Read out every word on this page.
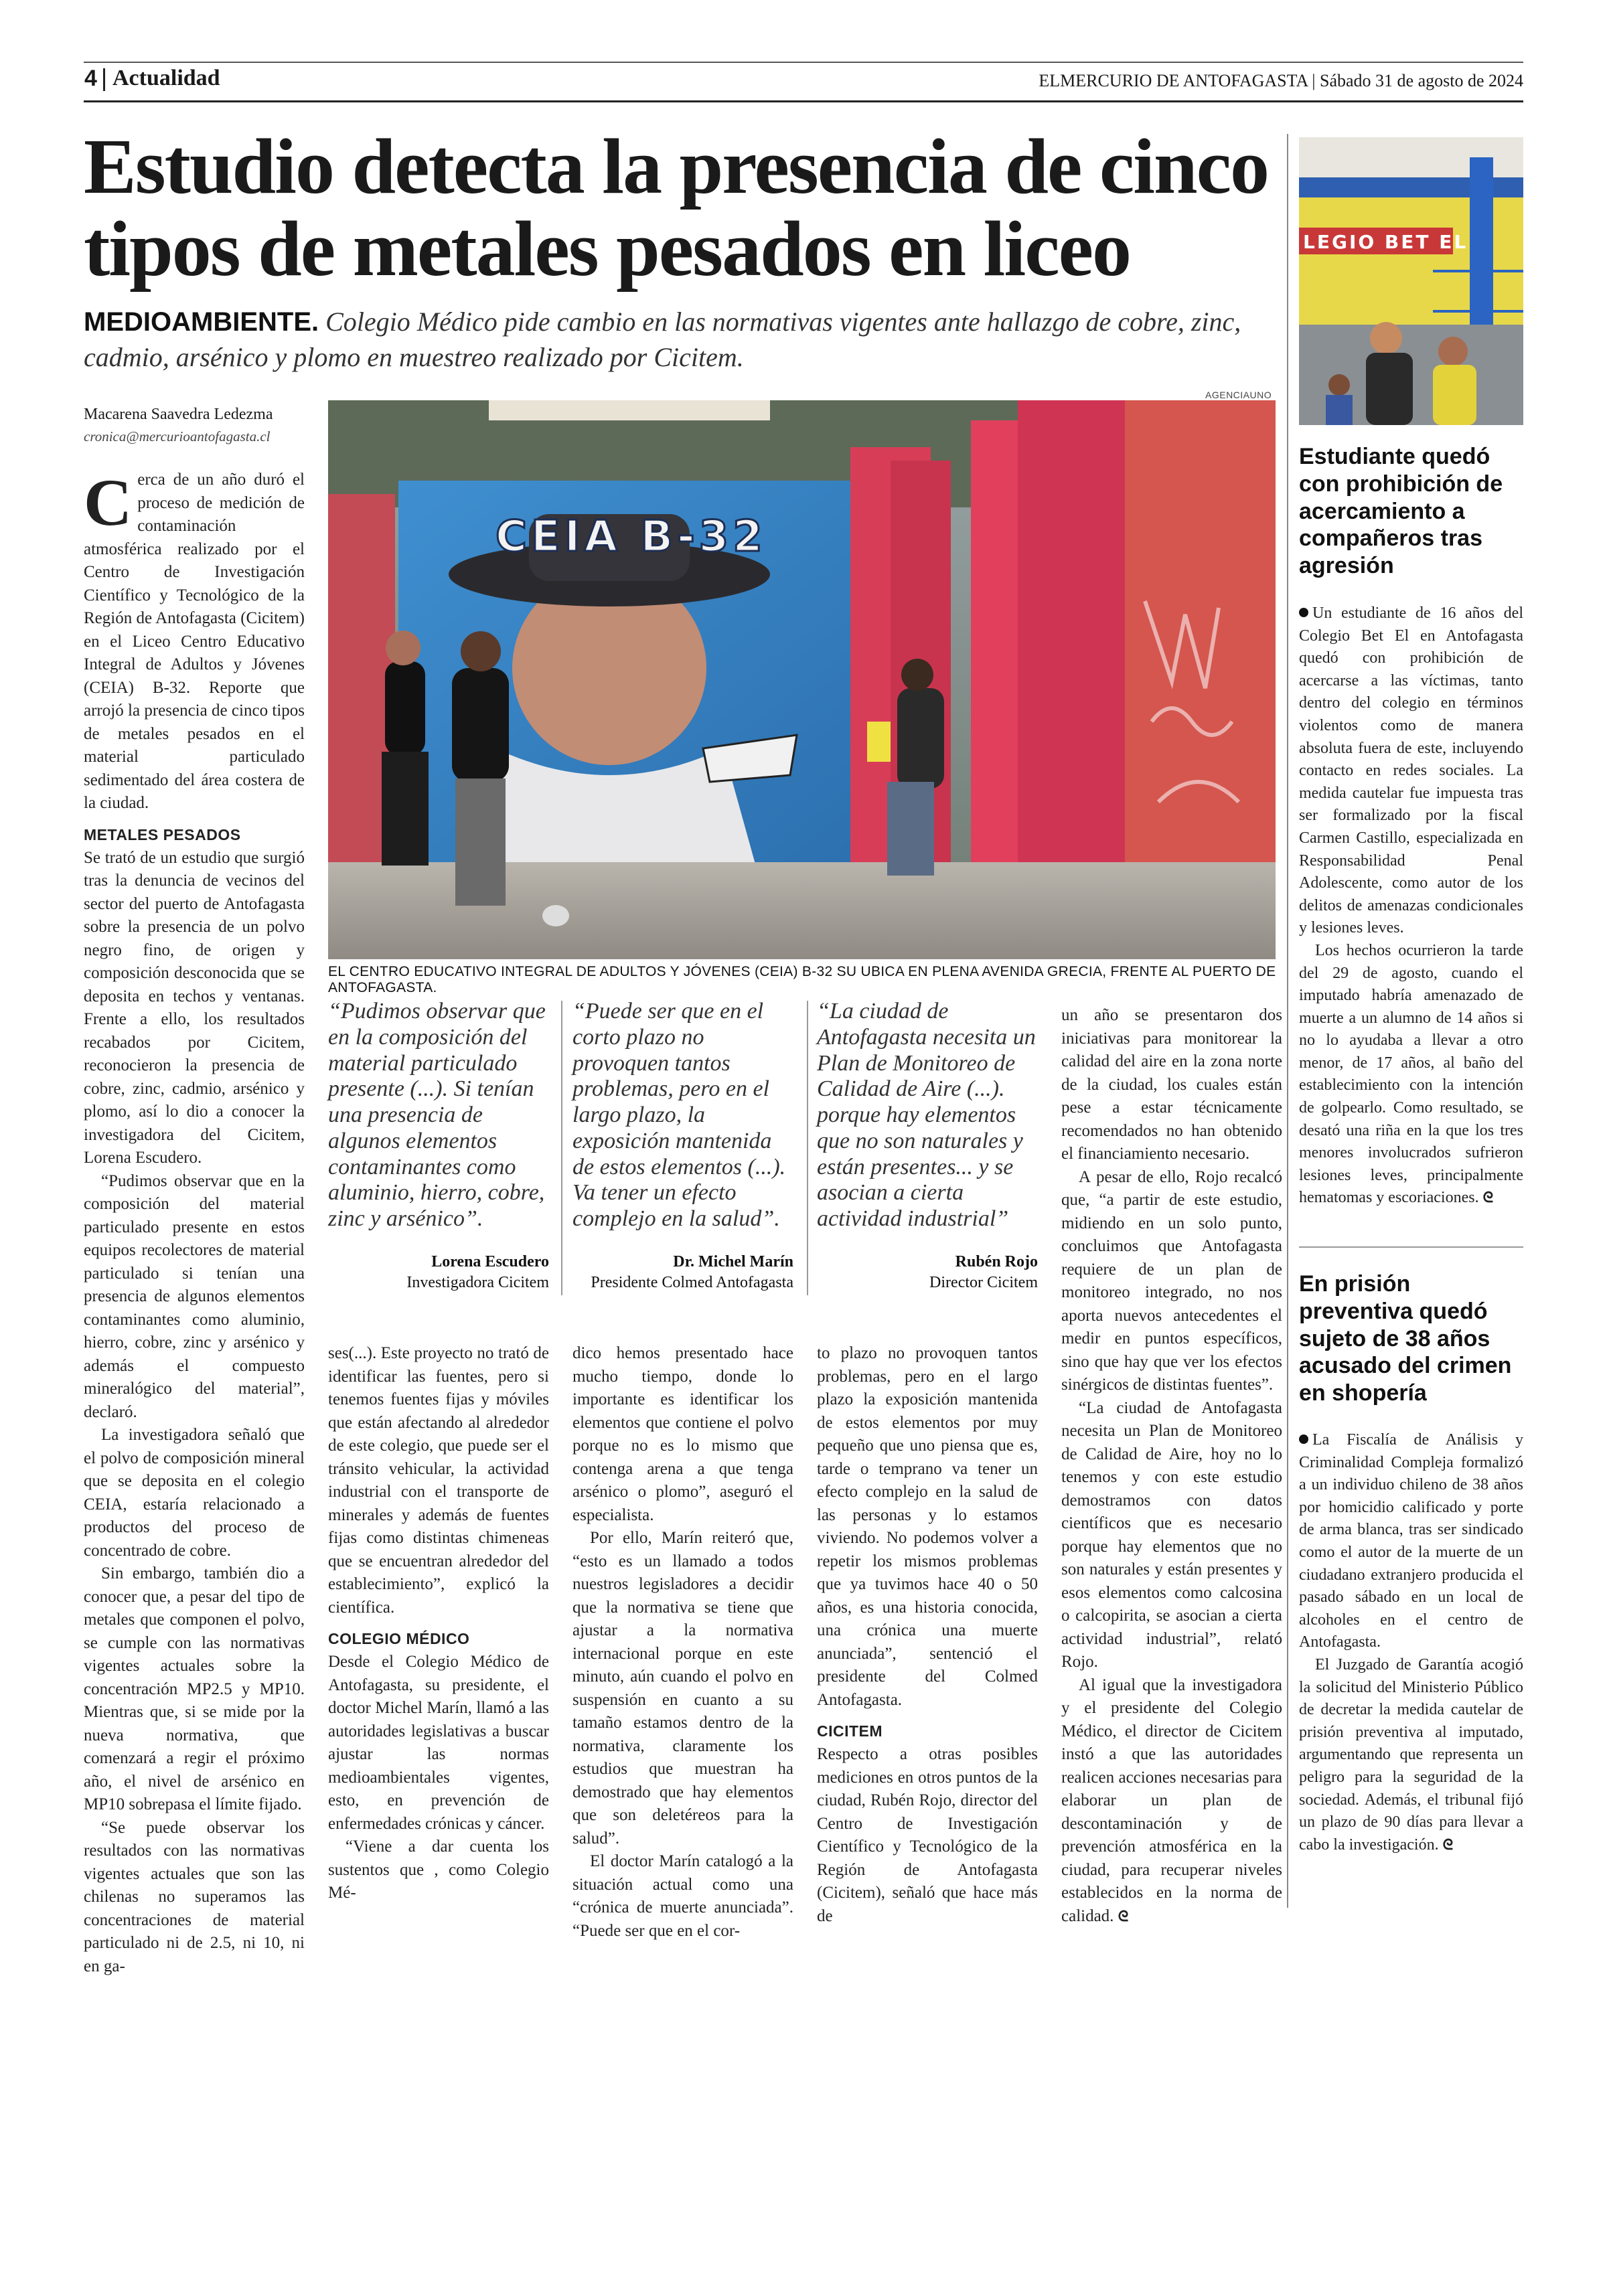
4 Actualidad	ELMERCURIO DE ANTOFAGASTA | Sábado 31 de agosto de 2024
Estudio detecta la presencia de cinco
tipos de metales pesados en liceo
MEDIOAMBIENTE. Colegio Médico pide cambio en las normativas vigentes ante hallazgo de cobre, zinc, cadmio, arsénico y plomo en muestreo realizado por Cicitem.
Macarena Saavedra Ledezma
cronica@mercurioantofagasta.cl
AGENCIAUNO
CEIA B-32
EL CENTRO EDUCATIVO INTEGRAL DE ADULTOS Y JÓVENES (CEIA) B-32 SU UBICA EN PLENA AVENIDA GRECIA, FRENTE AL PUERTO DE ANTOFAGASTA.

Cerca de un año duró el proceso de medición de contaminación atmosférica realizado por el Centro de Investigación Científico y Tecnológico de la Región de Antofagasta (Cicitem) en el Liceo Centro Educativo Integral de Adultos y Jóvenes (CEIA) B-32. Reporte que arrojó la presencia de cinco tipos de metales pesados en el material particulado sedimentado del área costera de la ciudad.

METALES PESADOS

Se trató de un estudio que surgió tras la denuncia de vecinos del sector del puerto de Antofagasta sobre la presencia de un polvo negro fino, de origen y composición desconocida que se deposita en techos y ventanas. Frente a ello, los resultados recabados por Cicitem, reconocieron la presencia de cobre, zinc, cadmio, arsénico y plomo, así lo dio a conocer la investigadora del Cicitem, Lorena Escudero.

“Pudimos observar que en la composición del material particulado presente en estos equipos recolectores de material particulado si tenían una presencia de algunos elementos contaminantes como aluminio, hierro, cobre, zinc y arsénico y además el compuesto mineralógico del material”, declaró.

La investigadora señaló que el polvo de composición mineral que se deposita en el colegio CEIA, estaría relacionado a productos del proceso de concentrado de cobre.

Sin embargo, también dio a conocer que, a pesar del tipo de metales que componen el polvo, se cumple con las normativas vigentes actuales sobre la concentración MP2.5 y MP10. Mientras que, si se mide por la nueva normativa, que comenzará a regir el próximo año, el nivel de arsénico en MP10 sobrepasa el límite fijado.

“Se puede observar los resultados con las normativas vigentes actuales que son las chilenas no superamos las concentraciones de material particulado ni de 2.5, ni 10, ni en ga-

“Pudimos observar que en la composición del material particulado presente (...). Si tenían una presencia de algunos elementos contaminantes como aluminio, hierro, cobre, zinc y arsénico”.
Lorena Escudero
Investigadora Cicitem
“Puede ser que en el corto plazo no provoquen tantos problemas, pero en el largo plazo, la exposición mantenida de estos elementos (...). Va tener un efecto complejo en la salud”.
Dr. Michel Marín
Presidente Colmed Antofagasta
“La ciudad de Antofagasta necesita un Plan de Monitoreo de Calidad de Aire (...). porque hay elementos que no son naturales y están presentes... y se asocian a cierta actividad industrial”
Rubén Rojo
Director Cicitem

ses(...). Este proyecto no trató de identificar las fuentes, pero si tenemos fuentes fijas y móviles que están afectando al alrededor de este colegio, que puede ser el tránsito vehicular, la actividad industrial con el transporte de minerales y además de fuentes fijas como distintas chimeneas que se encuentran alrededor del establecimiento”, explicó la científica.

COLEGIO MÉDICO

Desde el Colegio Médico de Antofagasta, su presidente, el doctor Michel Marín, llamó a las autoridades legislativas a buscar ajustar las normas medioambientales vigentes, esto, en prevención de enfermedades crónicas y cáncer.

“Viene a dar cuenta los sustentos que , como Colegio Mé-

dico hemos presentado hace mucho tiempo, donde lo importante es identificar los elementos que contiene el polvo porque no es lo mismo que contenga arena a que tenga arsénico o plomo”, aseguró el especialista.

Por ello, Marín reiteró que, “esto es un llamado a todos nuestros legisladores a decidir que la normativa se tiene que ajustar a la normativa internacional porque en este minuto, aún cuando el polvo en suspensión en cuanto a su tamaño estamos dentro de la normativa, claramente los estudios que muestran ha demostrado que hay elementos que son deletéreos para la salud”.

El doctor Marín catalogó a la situación actual como una “crónica de muerte anunciada”. “Puede ser que en el cor-

to plazo no provoquen tantos problemas, pero en el largo plazo la exposición mantenida de estos elementos por muy pequeño que uno piensa que es, tarde o temprano va tener un efecto complejo en la salud de las personas y lo estamos viviendo. No podemos volver a repetir los mismos problemas que ya tuvimos hace 40 o 50 años, es una historia conocida, una crónica una muerte anunciada”, sentenció el presidente del Colmed Antofagasta.

CICITEM

Respecto a otras posibles mediciones en otros puntos de la ciudad, Rubén Rojo, director del Centro de Investigación Científico y Tecnológico de la Región de Antofagasta (Cicitem), señaló que hace más de

un año se presentaron dos iniciativas para monitorear la calidad del aire en la zona norte de la ciudad, los cuales están pese a estar técnicamente recomendados no han obtenido el financiamiento necesario.

A pesar de ello, Rojo recalcó que, “a partir de este estudio, midiendo en un solo punto, concluimos que Antofagasta requiere de un plan de monitoreo integrado, no nos aporta nuevos antecedentes el medir en puntos específicos, sino que hay que ver los efectos sinérgicos de distintas fuentes”.

“La ciudad de Antofagasta necesita un Plan de Monitoreo de Calidad de Aire, hoy no lo tenemos y con este estudio demostramos con datos científicos que es necesario porque hay elementos que no son naturales y están presentes y esos elementos como calcosina o calcopirita, se asocian a cierta actividad industrial”, relató Rojo.

Al igual que la investigadora y el presidente del Colegio Médico, el director de Cicitem instó a que las autoridades realicen acciones necesarias para elaborar un plan de descontaminación y de prevención atmosférica en la ciudad, para recuperar niveles establecidos en la norma de calidad. ᘓ

LEGIO BET EL
Estudiante quedó con prohibición de acercamiento a compañeros tras agresión

Un estudiante de 16 años del Colegio Bet El en Antofagasta quedó con prohibición de acercarse a las víctimas, tanto dentro del colegio en términos violentos como de manera absoluta fuera de este, incluyendo contacto en redes sociales. La medida cautelar fue impuesta tras ser formalizado por la fiscal Carmen Castillo, especializada en Responsabilidad Penal Adolescente, como autor de los delitos de amenazas condicionales y lesiones leves.

Los hechos ocurrieron la tarde del 29 de agosto, cuando el imputado habría amenazado de muerte a un alumno de 14 años si no lo ayudaba a llevar a otro menor, de 17 años, al baño del establecimiento con la intención de golpearlo. Como resultado, se desató una riña en la que los tres menores involucrados sufrieron lesiones leves, principalmente hematomas y escoriaciones. ᘓ

En prisión preventiva quedó sujeto de 38 años acusado del crimen en shopería

La Fiscalía de Análisis y Criminalidad Compleja formalizó a un individuo chileno de 38 años por homicidio calificado y porte de arma blanca, tras ser sindicado como el autor de la muerte de un ciudadano extranjero producida el pasado sábado en un local de alcoholes en el centro de Antofagasta.

El Juzgado de Garantía acogió la solicitud del Ministerio Público de decretar la medida cautelar de prisión preventiva al imputado, argumentando que representa un peligro para la seguridad de la sociedad. Además, el tribunal fijó un plazo de 90 días para llevar a cabo la investigación. ᘓ
